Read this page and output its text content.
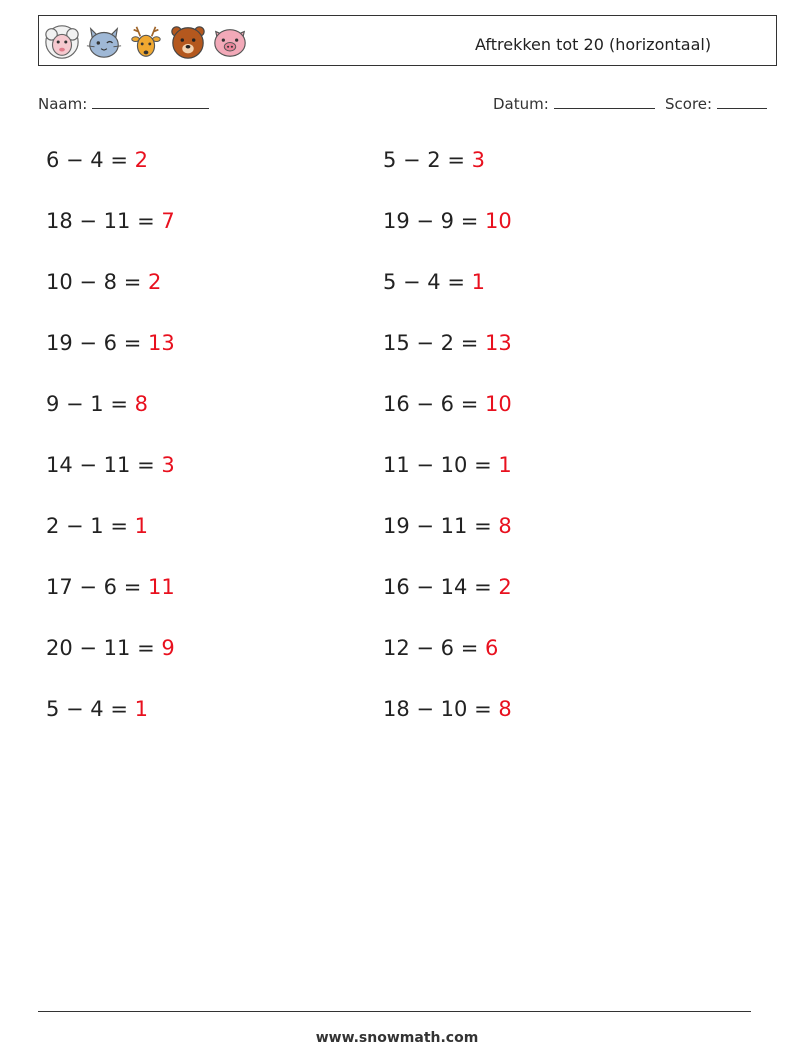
Aftrekken tot 20 (horizontaal)
Naam:	Datum:	Score:
6 − 4 = 2	5 − 2 = 3
18 − 11 = 7	19 − 9 = 10
10 − 8 = 2	5 − 4 = 1
19 − 6 = 13	15 − 2 = 13
9 − 1 = 8	16 − 6 = 10
14 − 11 = 3	11 − 10 = 1
2 − 1 = 1	19 − 11 = 8
17 − 6 = 11	16 − 14 = 2
20 − 11 = 9	12 − 6 = 6
5 − 4 = 1	18 − 10 = 8
www.snowmath.com
